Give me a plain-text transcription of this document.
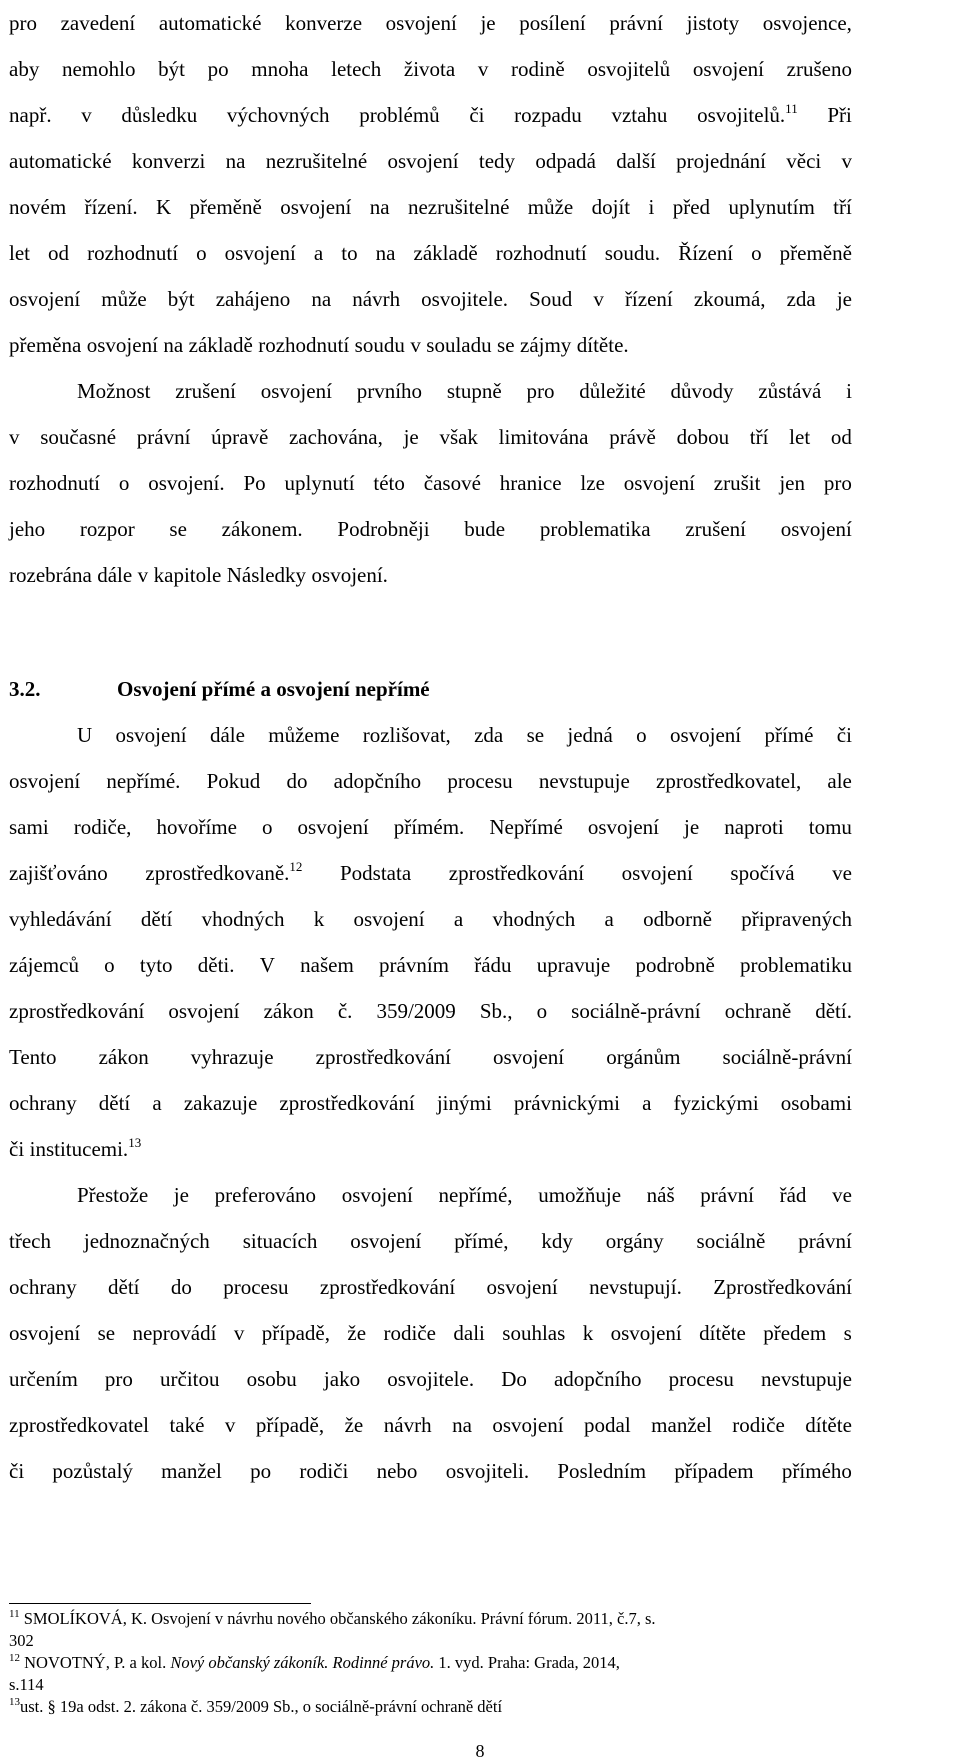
pro zavedení automatické konverze osvojení je posílení právní jistoty osvojence,
aby nemohlo být po mnoha letech života v rodině osvojitelů osvojení zrušeno
např. v důsledku výchovných problémů či rozpadu vztahu osvojitelů.$^{11}$ Při
automatické konverzi na nezrušitelné osvojení tedy odpadá další projednání věci v
novém řízení. K přeměně osvojení na nezrušitelné může dojít i před uplynutím tří
let od rozhodnutí o osvojení a to na základě rozhodnutí soudu. Řízení o přeměně
osvojení může být zahájeno na návrh osvojitele. Soud v řízení zkoumá, zda je
přeměna osvojení na základě rozhodnutí soudu v souladu se zájmy dítěte.
Možnost zrušení osvojení prvního stupně pro důležité důvody zůstává i
v současné právní úpravě zachována, je však limitována právě dobou tří let od
rozhodnutí o osvojení. Po uplynutí této časové hranice lze osvojení zrušit jen pro
jeho rozpor se zákonem. Podrobněji bude problematika zrušení osvojení
rozebrána dále v kapitole Následky osvojení.
3.2.	Osvojení přímé a osvojení nepřímé
U osvojení dále můžeme rozlišovat, zda se jedná o osvojení přímé či
osvojení nepřímé. Pokud do adopčního procesu nevstupuje zprostředkovatel, ale
sami rodiče, hovoříme o osvojení přímém. Nepřímé osvojení je naproti tomu
zajišťováno zprostředkovaně.$^{12}$ Podstata zprostředkování osvojení spočívá ve
vyhledávání dětí vhodných k osvojení a vhodných a odborně připravených
zájemců o tyto děti. V našem právním řádu upravuje podrobně problematiku
zprostředkování osvojení zákon č. 359/2009 Sb., o sociálně-právní ochraně dětí.
Tento zákon vyhrazuje zprostředkování osvojení orgánům sociálně-právní
ochrany dětí a zakazuje zprostředkování jinými právnickými a fyzickými osobami
či institucemi.$^{13}$
Přestože je preferováno osvojení nepřímé, umožňuje náš právní řád ve
třech jednoznačných situacích osvojení přímé, kdy orgány sociálně právní
ochrany dětí do procesu zprostředkování osvojení nevstupují. Zprostředkování
osvojení se neprovádí v případě, že rodiče dali souhlas k osvojení dítěte předem s
určením pro určitou osobu jako osvojitele. Do adopčního procesu nevstupuje
zprostředkovatel také v případě, že návrh na osvojení podal manžel rodiče dítěte
či pozůstalý manžel po rodiči nebo osvojiteli. Posledním případem přímého
$^{11}$ SMOLÍKOVÁ, K. Osvojení v návrhu nového občanského zákoníku. Právní fórum. 2011, č.7, s.
302
$^{12}$ NOVOTNÝ, P. a kol. Nový občanský zákoník. Rodinné právo. 1. vyd. Praha: Grada, 2014,
s.114
$^{13}$ust. § 19a odst. 2. zákona č. 359/2009 Sb., o sociálně-právní ochraně dětí
8
